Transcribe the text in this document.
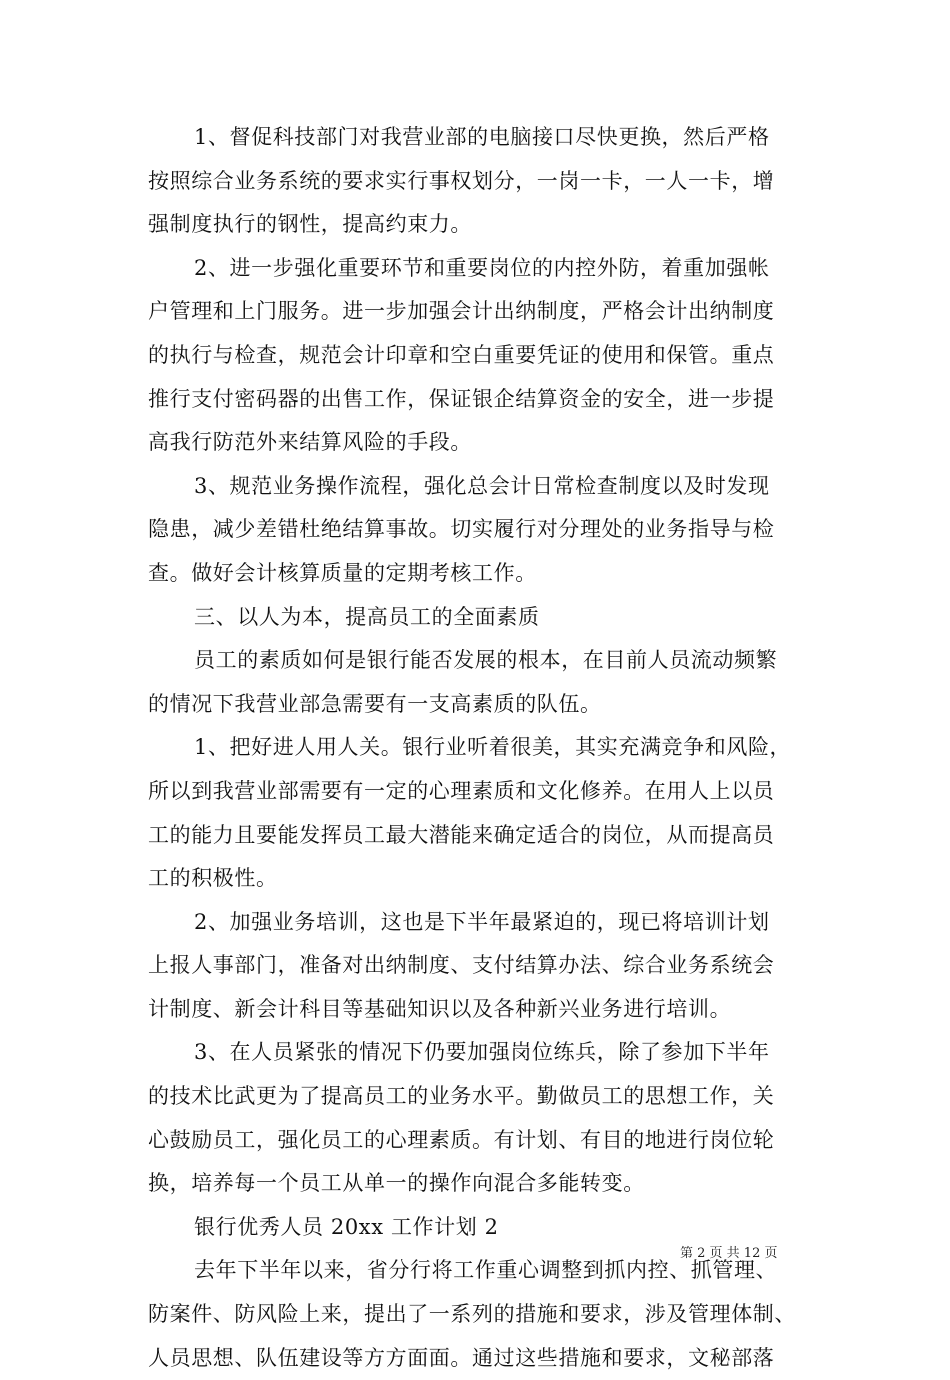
1、督促科技部门对我营业部的电脑接口尽快更换，然后严格
按照综合业务系统的要求实行事权划分，一岗一卡，一人一卡，增
强制度执行的钢性，提高约束力。
2、进一步强化重要环节和重要岗位的内控外防，着重加强帐
户管理和上门服务。进一步加强会计出纳制度，严格会计出纳制度
的执行与检查，规范会计印章和空白重要凭证的使用和保管。重点
推行支付密码器的出售工作，保证银企结算资金的安全，进一步提
高我行防范外来结算风险的手段。
3、规范业务操作流程，强化总会计日常检查制度以及时发现
隐患，减少差错杜绝结算事故。切实履行对分理处的业务指导与检
查。做好会计核算质量的定期考核工作。
三、以人为本，提高员工的全面素质
员工的素质如何是银行能否发展的根本，在目前人员流动频繁
的情况下我营业部急需要有一支高素质的队伍。
1、把好进人用人关。银行业听着很美，其实充满竞争和风险，
所以到我营业部需要有一定的心理素质和文化修养。在用人上以员
工的能力且要能发挥员工最大潜能来确定适合的岗位，从而提高员
工的积极性。
2、加强业务培训，这也是下半年最紧迫的，现已将培训计划
上报人事部门，准备对出纳制度、支付结算办法、综合业务系统会
计制度、新会计科目等基础知识以及各种新兴业务进行培训。
3、在人员紧张的情况下仍要加强岗位练兵，除了参加下半年
的技术比武更为了提高员工的业务水平。勤做员工的思想工作，关
心鼓励员工，强化员工的心理素质。有计划、有目的地进行岗位轮
换，培养每一个员工从单一的操作向混合多能转变。
银行优秀人员 20xx 工作计划 2
去年下半年以来，省分行将工作重心调整到抓内控、抓管理、
防案件、防风险上来，提出了一系列的措施和要求，涉及管理体制、
人员思想、队伍建设等方方面面。通过这些措施和要求，文秘部落
第 2 页 共 12 页
